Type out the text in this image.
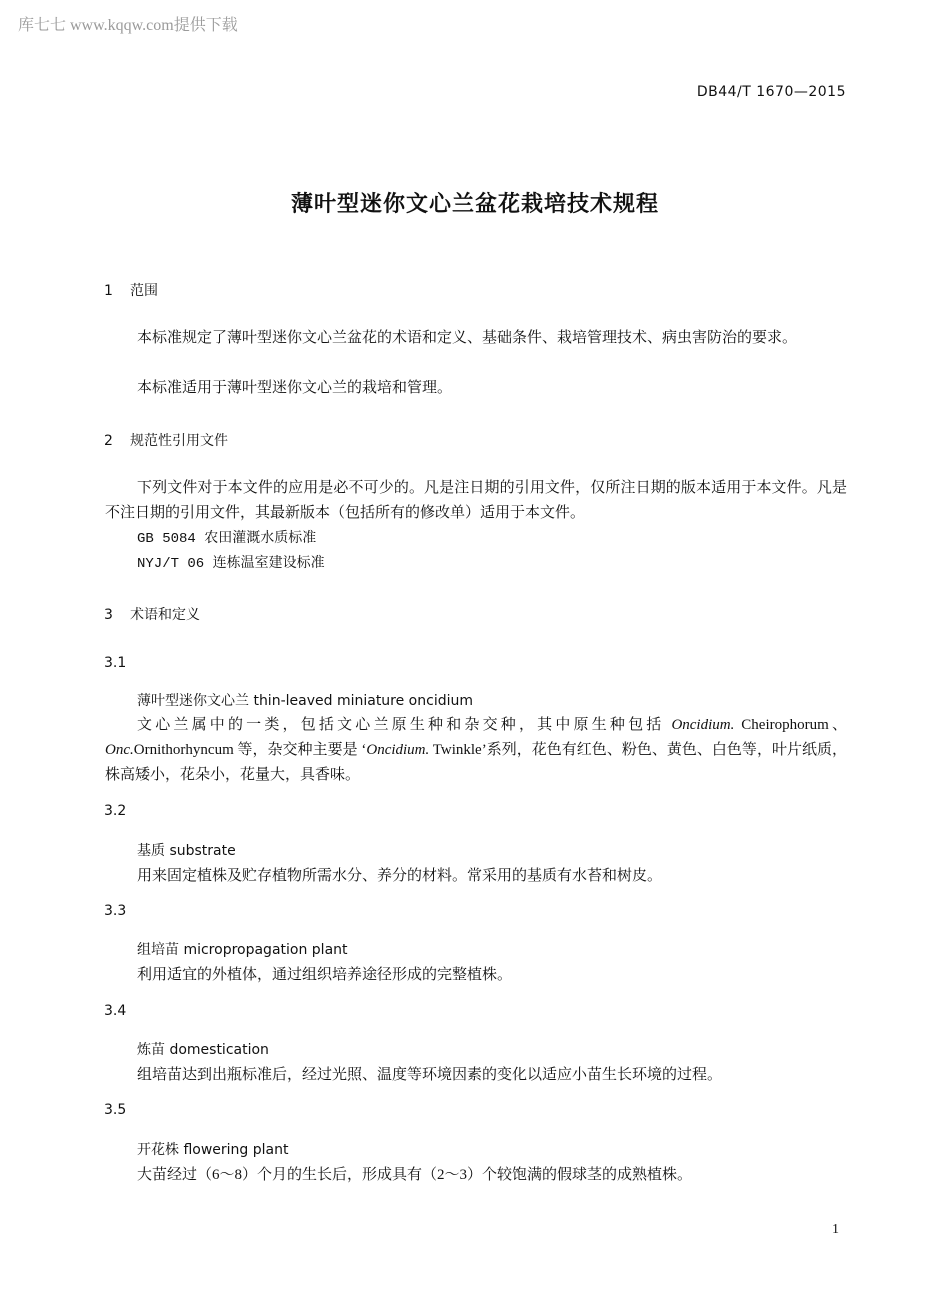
库七七 www.kqqw.com提供下载
DB44/T 1670—2015
薄叶型迷你文心兰盆花栽培技术规程
1 范围
本标准规定了薄叶型迷你文心兰盆花的术语和定义、基础条件、栽培管理技术、病虫害防治的要求。
本标准适用于薄叶型迷你文心兰的栽培和管理。
2 规范性引用文件
下列文件对于本文件的应用是必不可少的。凡是注日期的引用文件，仅所注日期的版本适用于本文件。凡是不注日期的引用文件，其最新版本（包括所有的修改单）适用于本文件。
GB 5084 农田灌溉水质标准
NYJ/T 06 连栋温室建设标准
3 术语和定义
3.1
薄叶型迷你文心兰 thin-leaved miniature oncidium
文心兰属中的一类，包括文心兰原生种和杂交种，其中原生种包括 Oncidium. Cheirophorum、Onc.Ornithorhyncum 等，杂交种主要是 ‘Oncidium. Twinkle’系列，花色有红色、粉色、黄色、白色等，叶片纸质，株高矮小，花朵小，花量大，具香味。
3.2
基质 substrate
用来固定植株及贮存植物所需水分、养分的材料。常采用的基质有水苔和树皮。
3.3
组培苗 micropropagation plant
利用适宜的外植体，通过组织培养途径形成的完整植株。
3.4
炼苗 domestication
组培苗达到出瓶标准后，经过光照、温度等环境因素的变化以适应小苗生长环境的过程。
3.5
开花株 flowering plant
大苗经过（6～8）个月的生长后，形成具有（2～3）个较饱满的假球茎的成熟植株。
1
